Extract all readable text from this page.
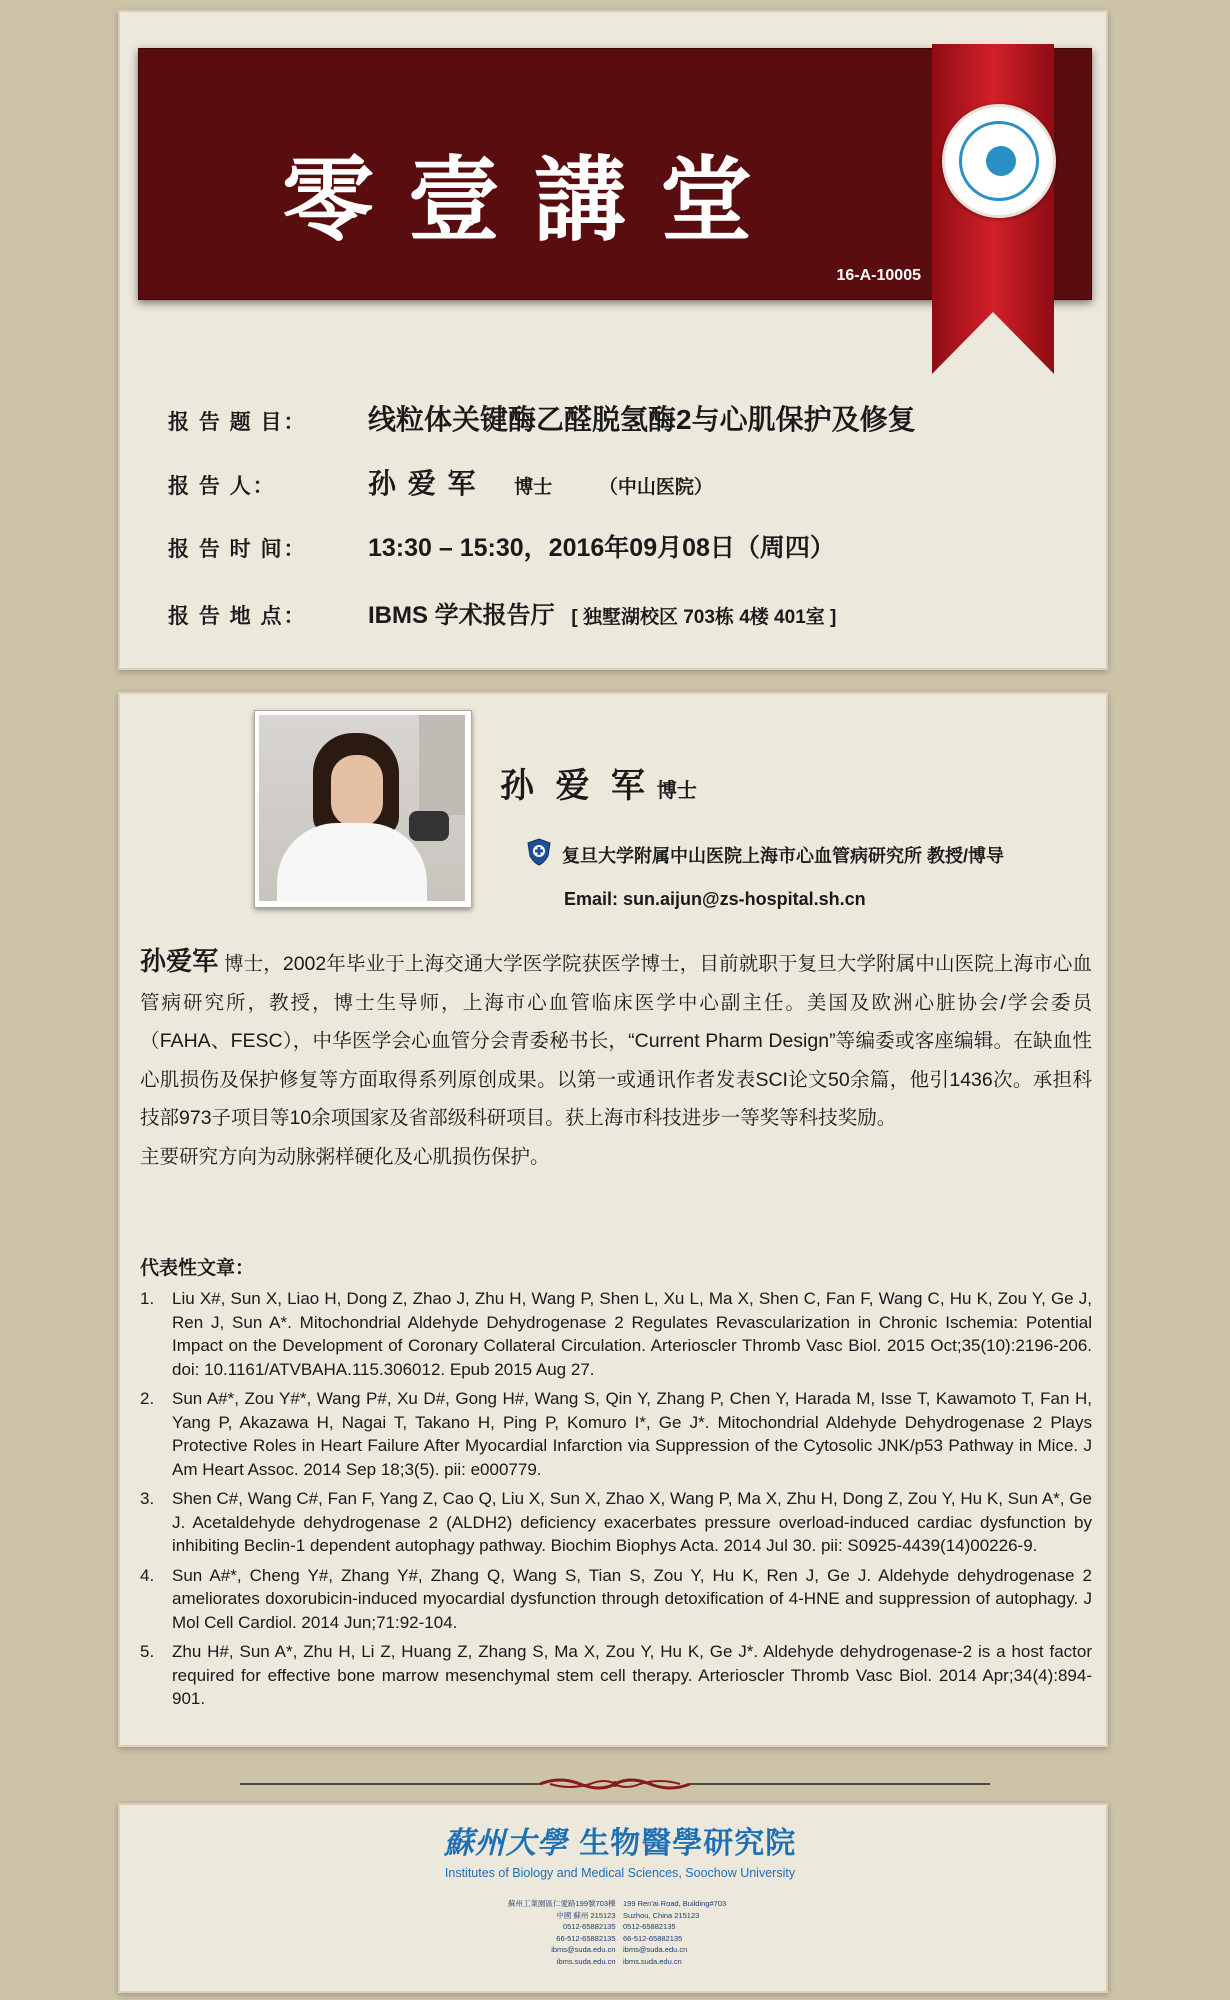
零壹講堂
16-A-10005
报 告 题 目： 线粒体关键酶乙醛脱氢酶2与心肌保护及修复
报 告 人：	孙 爱 军 博士 （中山医院）
报 告 时 间： 13:30 – 15:30，2016年09月08日（周四）
报 告 地 点：	IBMS 学术报告厅 [ 独墅湖校区 703栋 4楼 401室 ]
孙 爱 军 博士
复旦大学附属中山医院上海市心血管病研究所 教授/博导
Email: sun.aijun@zs-hospital.sh.cn

孙爱军 博士，2002年毕业于上海交通大学医学院获医学博士，目前就职于复旦大学附属中山医院上海市心血管病研究所，教授，博士生导师，上海市心血管临床医学中心副主任。美国及欧洲心脏协会/学会委员（FAHA、FESC），中华医学会心血管分会青委秘书长，“Current Pharm Design”等编委或客座编辑。在缺血性心肌损伤及保护修复等方面取得系列原创成果。以第一或通讯作者发表SCI论文50余篇，他引1436次。承担科技部973子项目等10余项国家及省部级科研项目。获上海市科技进步一等奖等科技奖励。

主要研究方向为动脉粥样硬化及心肌损伤保护。

代表性文章：
1. Liu X#, Sun X, Liao H, Dong Z, Zhao J, Zhu H, Wang P, Shen L, Xu L, Ma X, Shen C, Fan F, Wang C, Hu K, Zou Y, Ge J, Ren J, Sun A*. Mitochondrial Aldehyde Dehydrogenase 2 Regulates Revascularization in Chronic Ischemia: Potential Impact on the Development of Coronary Collateral Circulation. Arterioscler Thromb Vasc Biol. 2015 Oct;35(10):2196-206. doi: 10.1161/ATVBAHA.115.306012. Epub 2015 Aug 27.
2. Sun A#*, Zou Y#*, Wang P#, Xu D#, Gong H#, Wang S, Qin Y, Zhang P, Chen Y, Harada M, Isse T, Kawamoto T, Fan H, Yang P, Akazawa H, Nagai T, Takano H, Ping P, Komuro I*, Ge J*. Mitochondrial Aldehyde Dehydrogenase 2 Plays Protective Roles in Heart Failure After Myocardial Infarction via Suppression of the Cytosolic JNK/p53 Pathway in Mice. J Am Heart Assoc. 2014 Sep 18;3(5). pii: e000779.
3. Shen C#, Wang C#, Fan F, Yang Z, Cao Q, Liu X, Sun X, Zhao X, Wang P, Ma X, Zhu H, Dong Z, Zou Y, Hu K, Sun A*, Ge J. Acetaldehyde dehydrogenase 2 (ALDH2) deficiency exacerbates pressure overload-induced cardiac dysfunction by inhibiting Beclin-1 dependent autophagy pathway. Biochim Biophys Acta. 2014 Jul 30. pii: S0925-4439(14)00226-9.
4. Sun A#*, Cheng Y#, Zhang Y#, Zhang Q, Wang S, Tian S, Zou Y, Hu K, Ren J, Ge J. Aldehyde dehydrogenase 2 ameliorates doxorubicin-induced myocardial dysfunction through detoxification of 4-HNE and suppression of autophagy. J Mol Cell Cardiol. 2014 Jun;71:92-104.
5. Zhu H#, Sun A*, Zhu H, Li Z, Huang Z, Zhang S, Ma X, Zou Y, Hu K, Ge J*. Aldehyde dehydrogenase-2 is a host factor required for effective bone marrow mesenchymal stem cell therapy. Arterioscler Thromb Vasc Biol. 2014 Apr;34(4):894-901.
蘇州大學 生物醫學研究院
Institutes of Biology and Medical Sciences, Soochow University
蘇州工業園區仁愛路199號703棟
中國 蘇州 215123
0512-65882135
66-512-65882135
ibms@suda.edu.cn
ibms.suda.edu.cn
199 Ren'ai Road, Building#703
Suzhou, China 215123
0512-65882135
66-512-65882135
ibms@suda.edu.cn
ibms.suda.edu.cn
